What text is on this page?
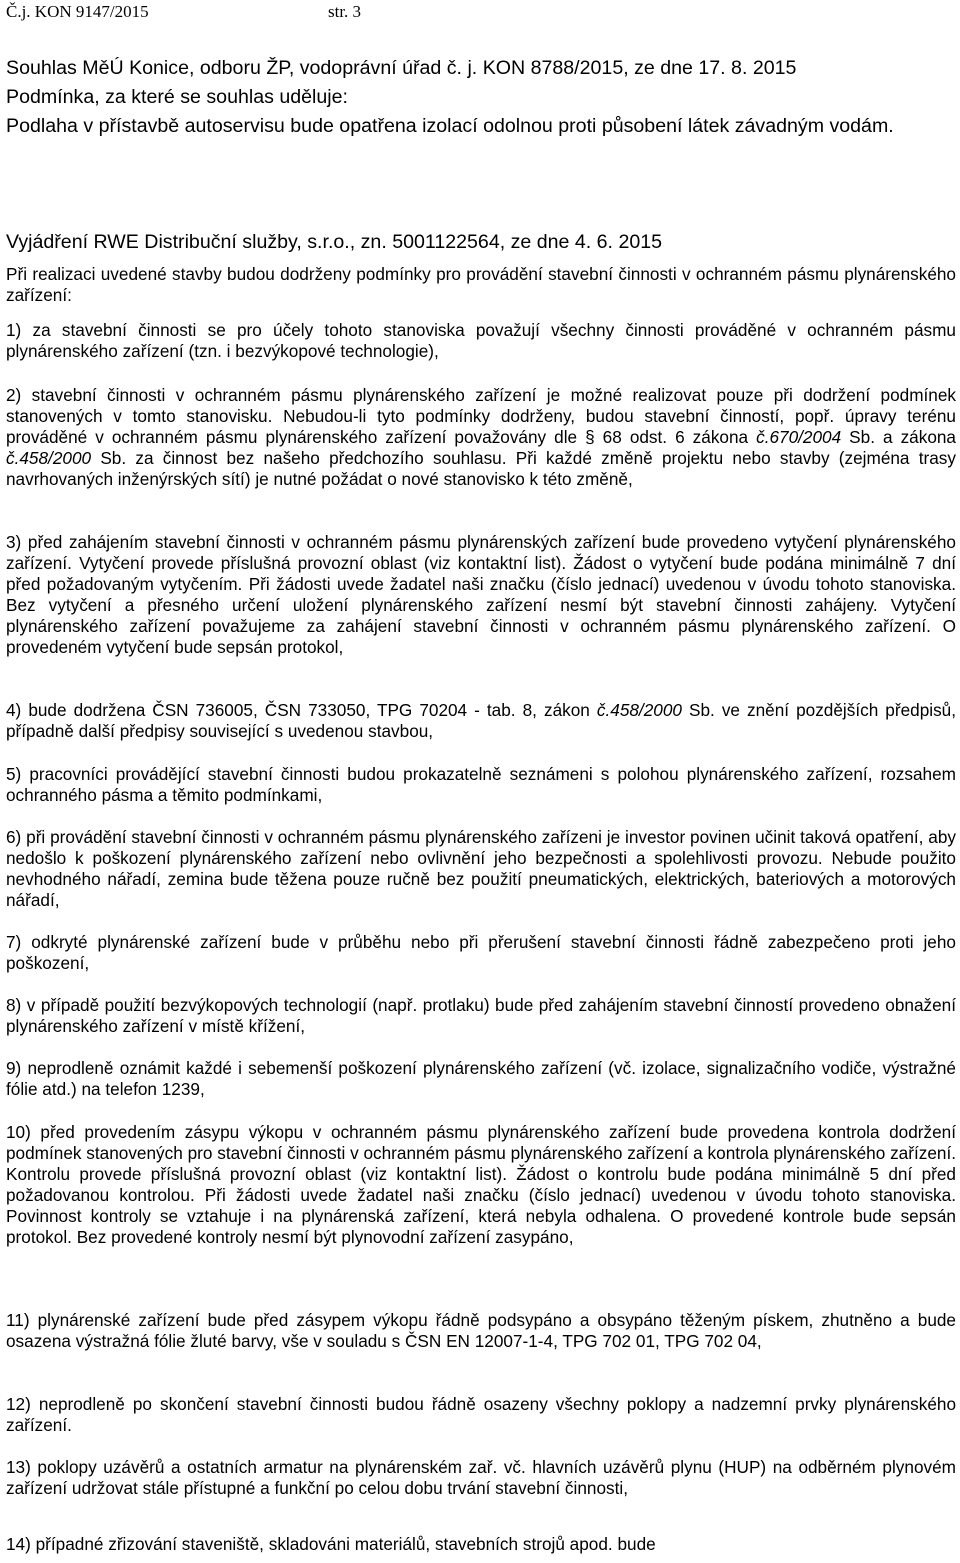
Č.j. KON 9147/2015	str. 3

Souhlas MěÚ Konice, odboru ŽP, vodoprávní úřad č. j. KON 8788/2015, ze dne 17. 8. 2015

Podmínka, za které se souhlas uděluje:

Podlaha v přístavbě autoservisu bude opatřena izolací odolnou proti působení látek závadným vodám.

Vyjádření RWE Distribuční služby, s.r.o., zn. 5001122564, ze dne 4. 6. 2015

Při realizaci uvedené stavby budou dodrženy podmínky pro provádění stavební činnosti v ochranném pásmu plynárenského zařízení:

1) za stavební činnosti se pro účely tohoto stanoviska považují všechny činnosti prováděné v ochranném pásmu plynárenského zařízení (tzn. i bezvýkopové technologie),

2) stavební činnosti v ochranném pásmu plynárenského zařízení je možné realizovat pouze při dodržení podmínek stanovených v tomto stanovisku. Nebudou-li tyto podmínky dodrženy, budou stavební činností, popř. úpravy terénu prováděné v ochranném pásmu plynárenského zařízení považovány dle § 68 odst. 6 zákona č.670/2004 Sb. a zákona č.458/2000 Sb. za činnost bez našeho předchozího souhlasu. Při každé změně projektu nebo stavby (zejména trasy navrhovaných inženýrských sítí) je nutné požádat o nové stanovisko k této změně,

3) před zahájením stavební činnosti v ochranném pásmu plynárenských zařízení bude provedeno vytyčení plynárenského zařízení. Vytyčení provede příslušná provozní oblast (viz kontaktní list). Žádost o vytyčení bude podána minimálně 7 dní před požadovaným vytyčením. Při žádosti uvede žadatel naši značku (číslo jednací) uvedenou v úvodu tohoto stanoviska. Bez vytyčení a přesného určení uložení plynárenského zařízení nesmí být stavební činnosti zahájeny. Vytyčení plynárenského zařízení považujeme za zahájení stavební činnosti v ochranném pásmu plynárenského zařízení. O provedeném vytyčení bude sepsán protokol,

4) bude dodržena ČSN 736005, ČSN 733050, TPG 70204 - tab. 8, zákon č.458/2000 Sb. ve znění pozdějších předpisů, případně další předpisy související s uvedenou stavbou,

5) pracovníci provádějící stavební činnosti budou prokazatelně seznámeni s polohou plynárenského zařízení, rozsahem ochranného pásma a těmito podmínkami,

6) při provádění stavební činnosti v ochranném pásmu plynárenského zařízeni je investor povinen učinit taková opatření, aby nedošlo k poškození plynárenského zařízení nebo ovlivnění jeho bezpečnosti a spolehlivosti provozu. Nebude použito nevhodného nářadí, zemina bude těžena pouze ručně bez použití pneumatických, elektrických, bateriových a motorových nářadí,

7) odkryté plynárenské zařízení bude v průběhu nebo při přerušení stavební činnosti řádně zabezpečeno proti jeho poškození,

8) v případě použití bezvýkopových technologií (např. protlaku) bude před zahájením stavební činností provedeno obnažení plynárenského zařízení v místě křížení,

9) neprodleně oznámit každé i sebemenší poškození plynárenského zařízení (vč. izolace, signalizačního vodiče, výstražné fólie atd.) na telefon 1239,

10) před provedením zásypu výkopu v ochranném pásmu plynárenského zařízení bude provedena kontrola dodržení podmínek stanovených pro stavební činnosti v ochranném pásmu plynárenského zařízení a kontrola plynárenského zařízení. Kontrolu provede příslušná provozní oblast (viz kontaktní list). Žádost o kontrolu bude podána minimálně 5 dní před požadovanou kontrolou. Při žádosti uvede žadatel naši značku (číslo jednací) uvedenou v úvodu tohoto stanoviska. Povinnost kontroly se vztahuje i na plynárenská zařízení, která nebyla odhalena. O provedené kontrole bude sepsán protokol. Bez provedené kontroly nesmí být plynovodní zařízení zasypáno,

11) plynárenské zařízení bude před zásypem výkopu řádně podsypáno a obsypáno těženým pískem, zhutněno a bude osazena výstražná fólie žluté barvy, vše v souladu s ČSN EN 12007-1-4, TPG 702 01, TPG 702 04,

12) neprodleně po skončení stavební činnosti budou řádně osazeny všechny poklopy a nadzemní prvky plynárenského zařízení.

13) poklopy uzávěrů a ostatních armatur na plynárenském zař. vč. hlavních uzávěrů plynu (HUP) na odběrném plynovém zařízení udržovat stále přístupné a funkční po celou dobu trvání stavební činnosti,

14) případné zřizování staveniště, skladováni materiálů, stavebních strojů apod. bude
